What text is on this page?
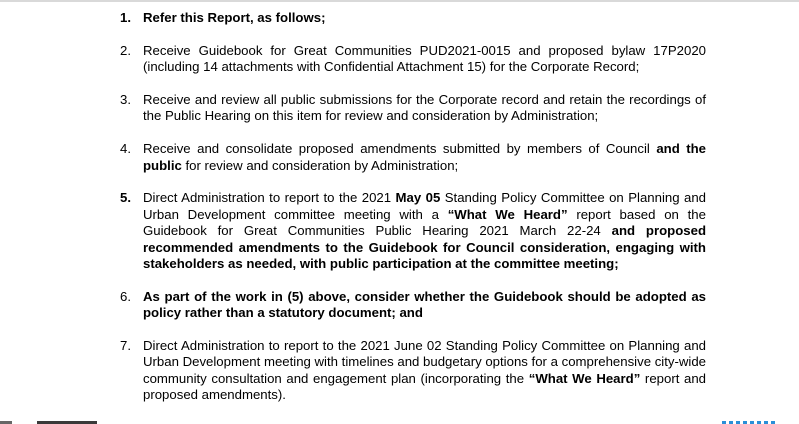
1. Refer this Report, as follows;
2. Receive Guidebook for Great Communities PUD2021-0015 and proposed bylaw 17P2020 (including 14 attachments with Confidential Attachment 15) for the Corporate Record;
3. Receive and review all public submissions for the Corporate record and retain the recordings of the Public Hearing on this item for review and consideration by Administration;
4. Receive and consolidate proposed amendments submitted by members of Council and the public for review and consideration by Administration;
5. Direct Administration to report to the 2021 May 05 Standing Policy Committee on Planning and Urban Development committee meeting with a “What We Heard” report based on the Guidebook for Great Communities Public Hearing 2021 March 22-24 and proposed recommended amendments to the Guidebook for Council consideration, engaging with stakeholders as needed, with public participation at the committee meeting;
6. As part of the work in (5) above, consider whether the Guidebook should be adopted as policy rather than a statutory document; and
7. Direct Administration to report to the 2021 June 02 Standing Policy Committee on Planning and Urban Development meeting with timelines and budgetary options for a comprehensive city-wide community consultation and engagement plan (incorporating the “What We Heard” report and proposed amendments).
